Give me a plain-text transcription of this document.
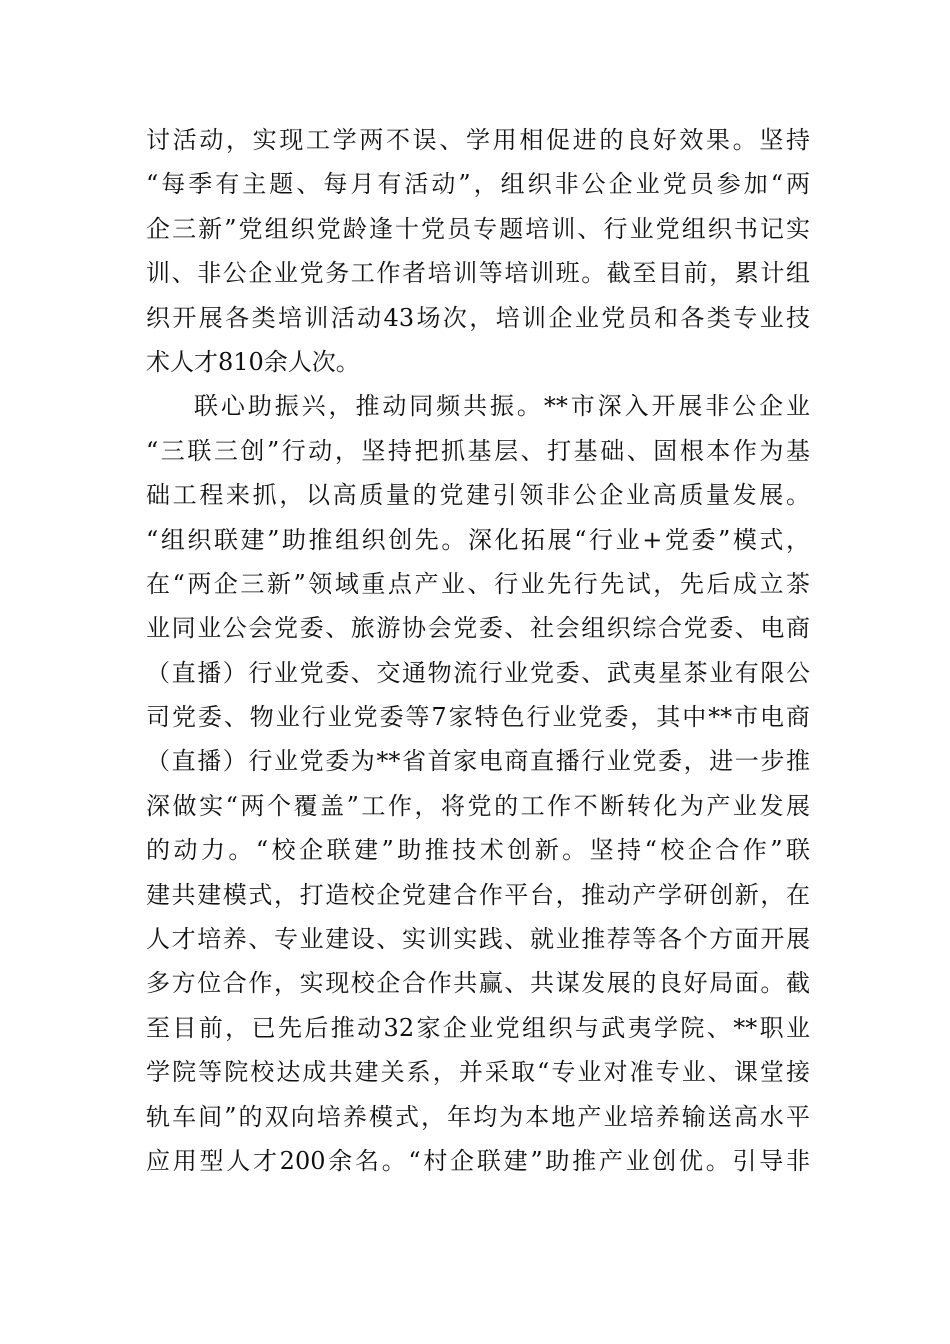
讨活动，实现工学两不误、学用相促进的良好效果。坚持
“每季有主题、每月有活动”，组织非公企业党员参加“两
企三新”党组织党龄逢十党员专题培训、行业党组织书记实
训、非公企业党务工作者培训等培训班。截至目前，累计组
织开展各类培训活动43场次，培训企业党员和各类专业技
术人才810余人次。
联心助振兴，推动同频共振。**市深入开展非公企业
“三联三创”行动，坚持把抓基层、打基础、固根本作为基
础工程来抓，以高质量的党建引领非公企业高质量发展。
“组织联建”助推组织创先。深化拓展“行业+党委”模式，
在“两企三新”领域重点产业、行业先行先试，先后成立茶
业同业公会党委、旅游协会党委、社会组织综合党委、电商
（直播）行业党委、交通物流行业党委、武夷星茶业有限公
司党委、物业行业党委等7家特色行业党委，其中**市电商
（直播）行业党委为**省首家电商直播行业党委，进一步推
深做实“两个覆盖”工作，将党的工作不断转化为产业发展
的动力。“校企联建”助推技术创新。坚持“校企合作”联
建共建模式，打造校企党建合作平台，推动产学研创新，在
人才培养、专业建设、实训实践、就业推荐等各个方面开展
多方位合作，实现校企合作共赢、共谋发展的良好局面。截
至目前，已先后推动32家企业党组织与武夷学院、**职业
学院等院校达成共建关系，并采取“专业对准专业、课堂接
轨车间”的双向培养模式，年均为本地产业培养输送高水平
应用型人才200余名。“村企联建”助推产业创优。引导非
